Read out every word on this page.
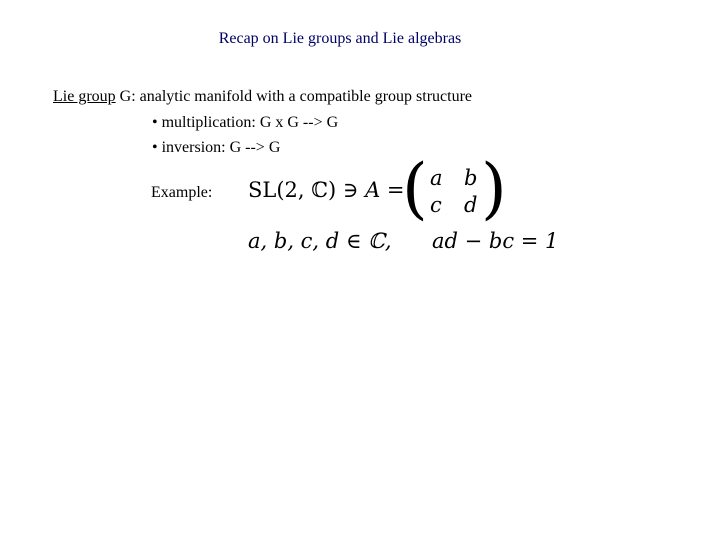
Recap on Lie groups and Lie algebras
Lie group G: analytic manifold with a compatible group structure
• multiplication: G x G --> G
• inversion: G --> G
Example: SL(2, ℂ) ∋ A =
( a b
c d )
a, b, c, d ∈ ℂ, ad − bc = 1
